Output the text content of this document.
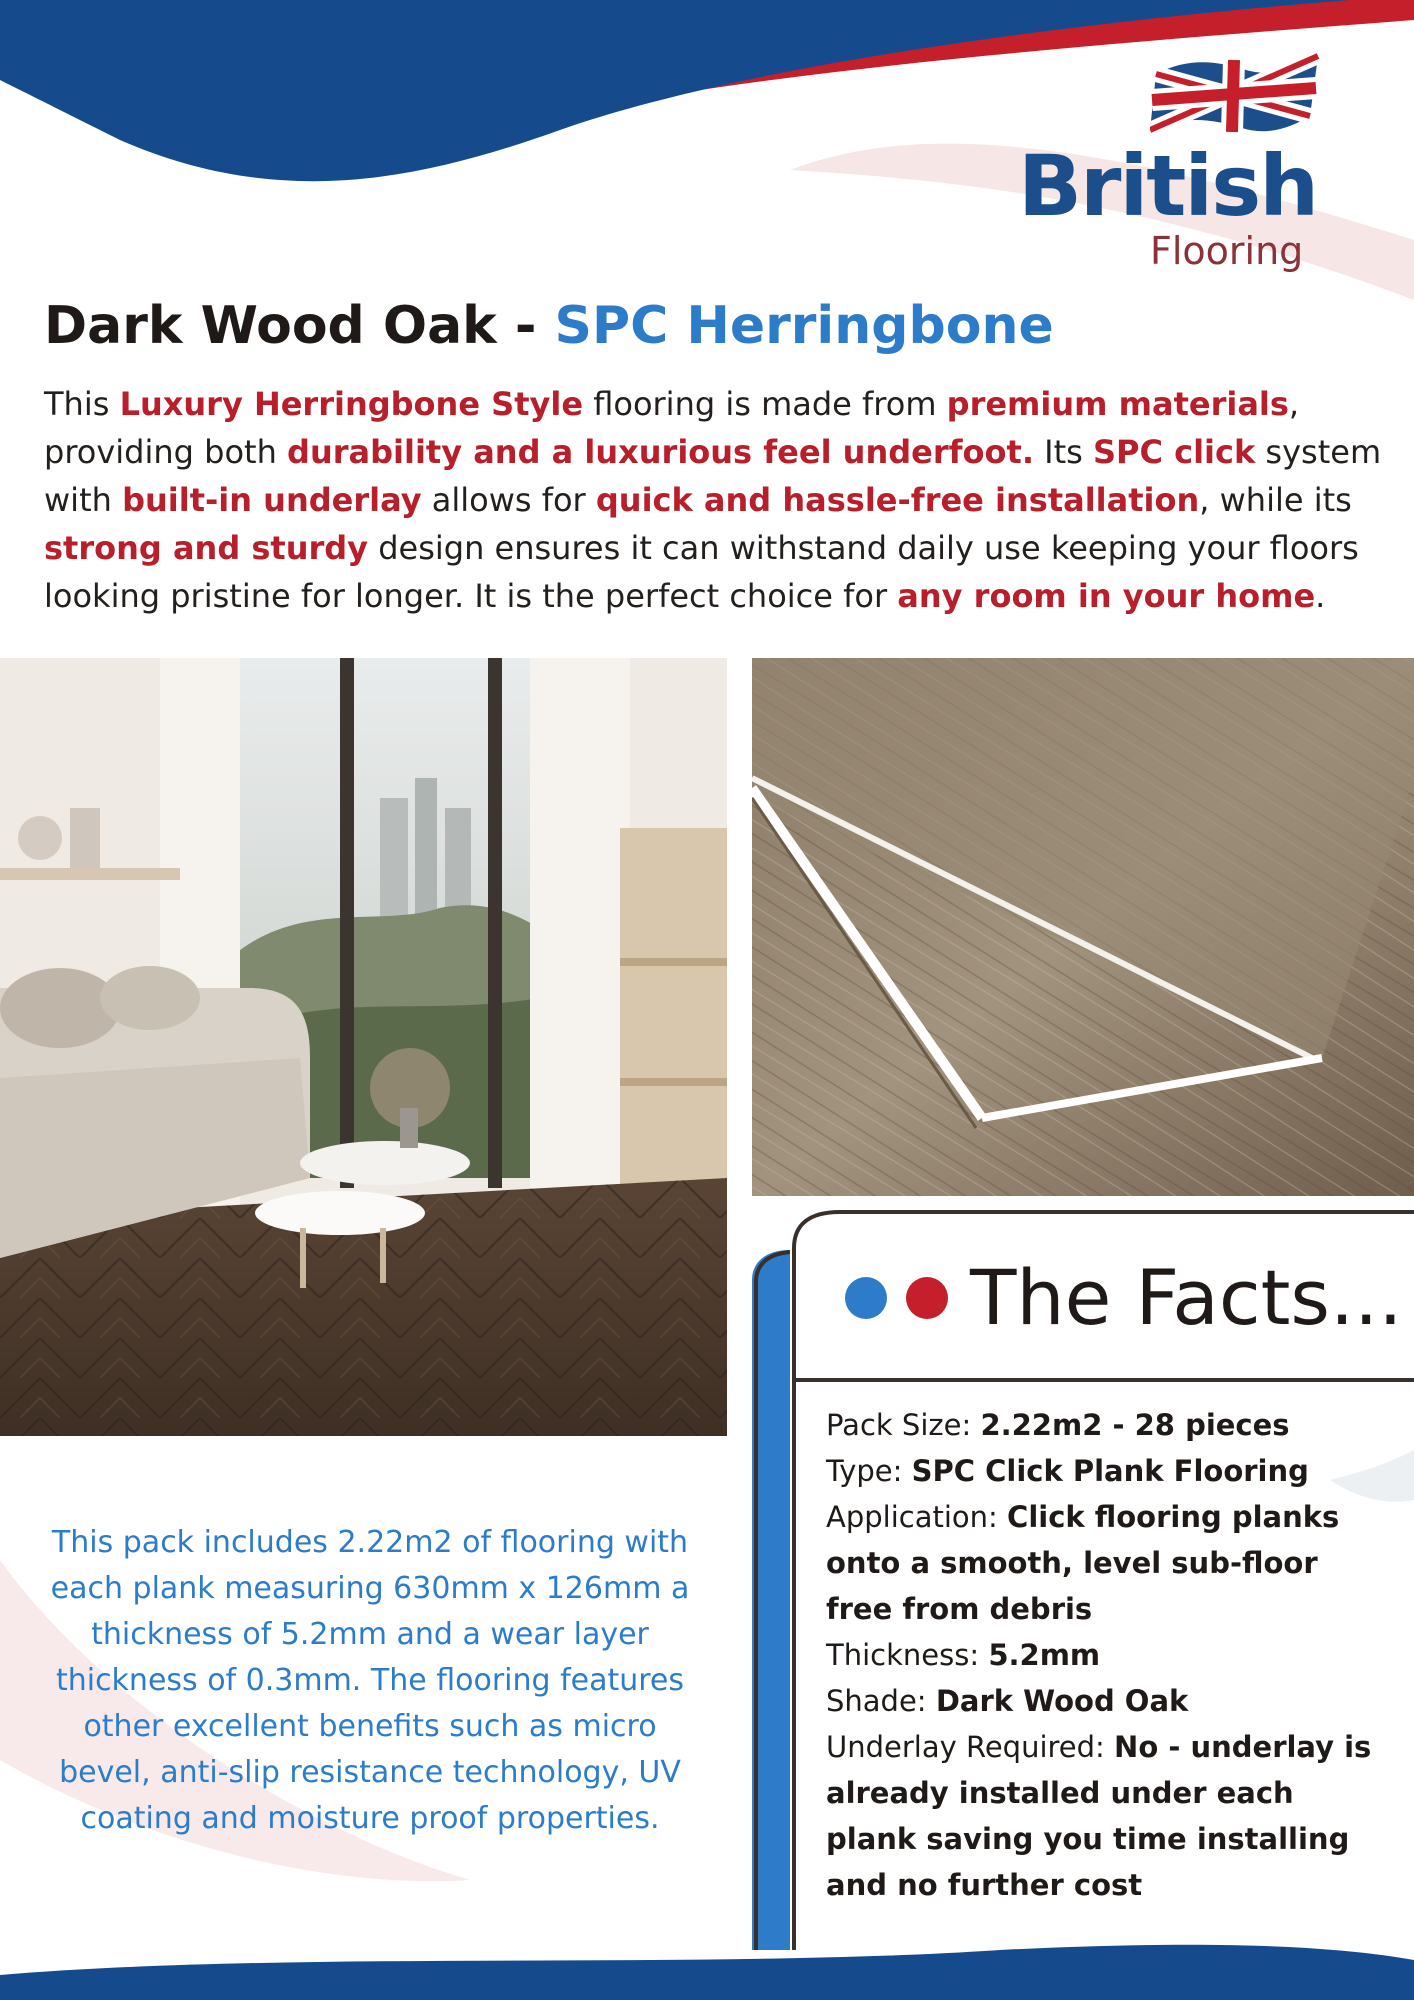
British
Flooring
Dark Wood Oak - SPC Herringbone
This Luxury Herringbone Style flooring is made from premium materials, providing both durability and a luxurious feel underfoot. Its SPC click system with built-in underlay allows for quick and hassle-free installation, while its strong and sturdy design ensures it can withstand daily use keeping your floors looking pristine for longer. It is the perfect choice for any room in your home.
This pack includes 2.22m2 of flooring with each plank measuring 630mm x 126mm a thickness of 5.2mm and a wear layer thickness of 0.3mm. The flooring features other excellent benefits such as micro bevel, anti-slip resistance technology, UV coating and moisture proof properties.
The Facts...
Pack Size: 2.22m2 - 28 pieces
Type: SPC Click Plank Flooring
Application: Click flooring planks onto a smooth, level sub-floor free from debris
Thickness: 5.2mm
Shade: Dark Wood Oak
Underlay Required: No - underlay is already installed under each plank saving you time installing and no further cost
